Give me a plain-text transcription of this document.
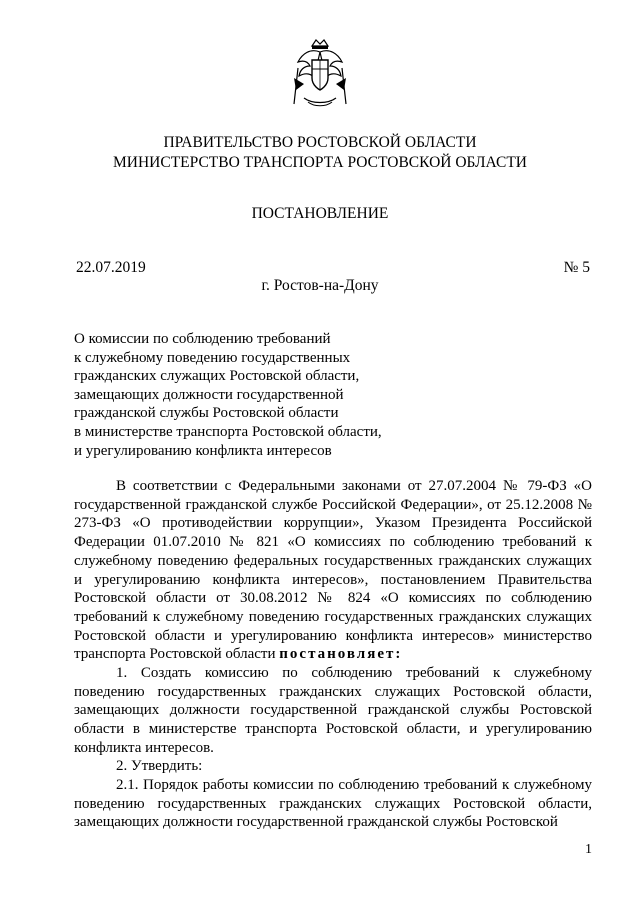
ПРАВИТЕЛЬСТВО РОСТОВСКОЙ ОБЛАСТИ
МИНИСТЕРСТВО ТРАНСПОРТА РОСТОВСКОЙ ОБЛАСТИ
ПОСТАНОВЛЕНИЕ
22.07.2019	№ 5
г. Ростов-на-Дону
О комиссии по соблюдению требований
к служебному поведению государственных
гражданских служащих Ростовской области,
замещающих должности государственной
гражданской службы Ростовской области
в министерстве транспорта Ростовской области,
и урегулированию конфликта интересов
В соответствии с Федеральными законами от 27.07.2004 № 79-ФЗ «О государственной гражданской службе Российской Федерации», от 25.12.2008 № 273-ФЗ «О противодействии коррупции», Указом Президента Российской Федерации 01.07.2010 № 821 «О комиссиях по соблюдению требований к служебному поведению федеральных государственных гражданских служащих и урегулированию конфликта интересов», постановлением Правительства Ростовской области от 30.08.2012 № 824 «О комиссиях по соблюдению требований к служебному поведению государственных гражданских служащих Ростовской области и урегулированию конфликта интересов» министерство транспорта Ростовской области постановляет:
1. Создать комиссию по соблюдению требований к служебному поведению государственных гражданских служащих Ростовской области, замещающих должности государственной гражданской службы Ростовской области в министерстве транспорта Ростовской области, и урегулированию конфликта интересов.
2. Утвердить:
2.1. Порядок работы комиссии по соблюдению требований к служебному поведению государственных гражданских служащих Ростовской области, замещающих должности государственной гражданской службы Ростовской
1
